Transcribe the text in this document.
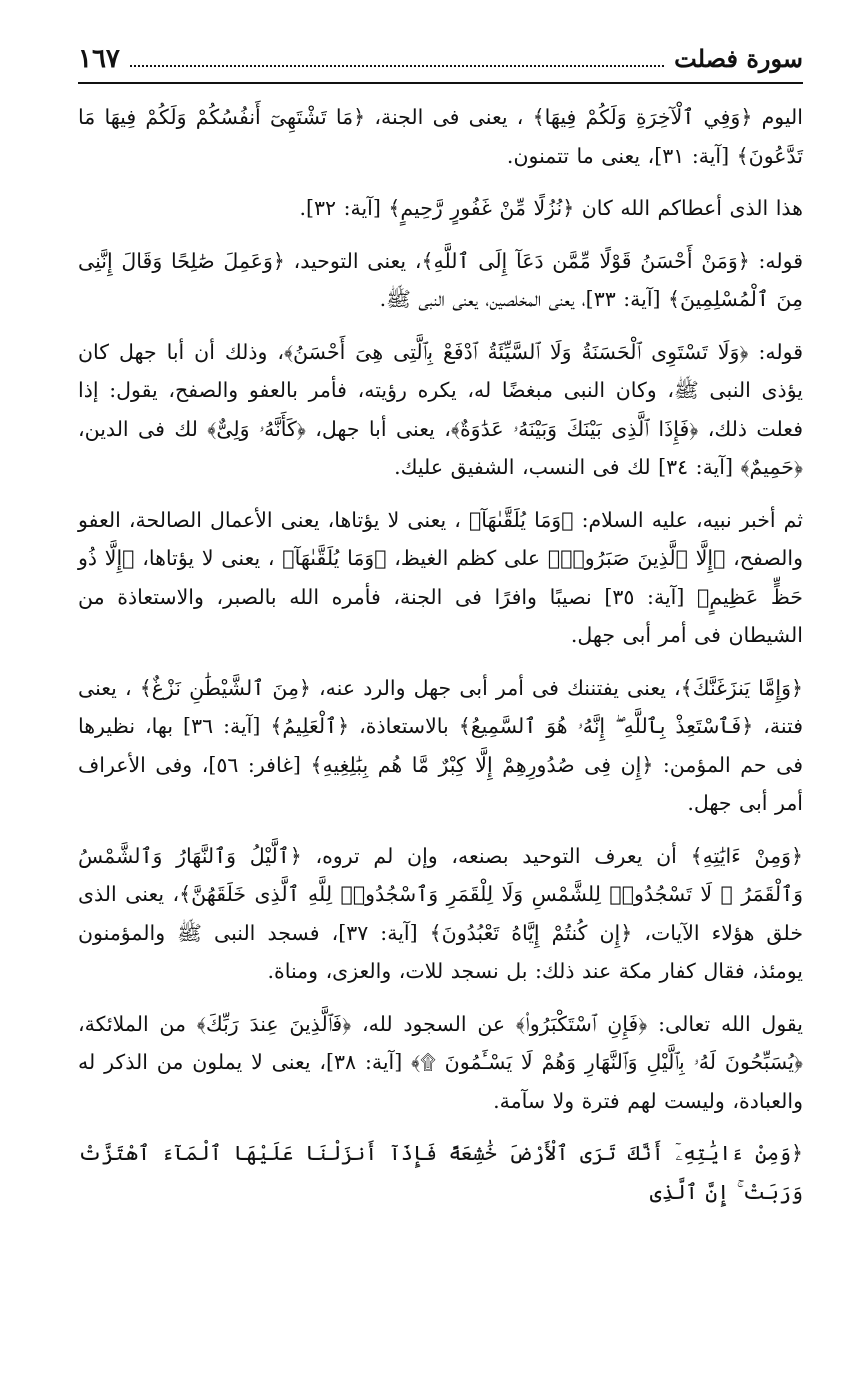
سورة فصلت
١٦٧

اليوم ﴿وَفِي ٱلْآخِرَةِ وَلَكُمْ فِيهَا﴾ ، يعنى فى الجنة، ﴿مَا تَشْتَهِىٓ أَنفُسُكُمْ وَلَكُمْ فِيهَا مَا تَدَّعُونَ﴾ [آية: ٣١]، يعنى ما تتمنون.

هذا الذى أعطاكم الله كان ﴿نُزُلًا مِّنْ غَفُورٍ رَّحِيمٍ﴾ [آية: ٣٢].

قوله: ﴿وَمَنْ أَحْسَنُ قَوْلًا مِّمَّن دَعَآ إِلَى ٱللَّهِ﴾، يعنى التوحيد، ﴿وَعَمِلَ صَٰلِحًا وَقَالَ إِنَّنِى مِنَ ٱلْمُسْلِمِينَ﴾ [آية: ٣٣]، يعنى المخلصين، يعنى النبى ﷺ.

قوله: ﴿وَلَا تَسْتَوِى ٱلْحَسَنَةُ وَلَا ٱلسَّيِّئَةُ ٱدْفَعْ بِٱلَّتِى هِىَ أَحْسَنُ﴾، وذلك أن أبا جهل كان يؤذى النبى ﷺ، وكان النبى مبغضًا له، يكره رؤيته، فأمر بالعفو والصفح، يقول: إذا فعلت ذلك، ﴿فَإِذَا ٱلَّذِى بَيْنَكَ وَبَيْنَهُۥ عَدَٰوَةٌ﴾، يعنى أبا جهل، ﴿كَأَنَّهُۥ وَلِىٌّ﴾ لك فى الدين، ﴿حَمِيمٌ﴾ [آية: ٣٤] لك فى النسب، الشفيق عليك.

ثم أخبر نبيه، عليه السلام: ﴿وَمَا يُلَقَّىٰهَآ﴾ ، يعنى لا يؤتاها، يعنى الأعمال الصالحة، العفو والصفح، ﴿إِلَّا ٱلَّذِينَ صَبَرُوا۟﴾ على كظم الغيظ، ﴿وَمَا يُلَقَّىٰهَآ﴾ ، يعنى لا يؤتاها، ﴿إِلَّا ذُو حَظٍّ عَظِيمٍ﴾ [آية: ٣٥] نصيبًا وافرًا فى الجنة، فأمره الله بالصبر، والاستعاذة من الشيطان فى أمر أبى جهل.

﴿وَإِمَّا يَنزَغَنَّكَ﴾، يعنى يفتننك فى أمر أبى جهل والرد عنه، ﴿مِنَ ٱلشَّيْطَٰنِ نَزْغٌ﴾ ، يعنى فتنة، ﴿فَٱسْتَعِذْ بِٱللَّهِ ۖ إِنَّهُۥ هُوَ ٱلسَّمِيعُ﴾ بالاستعاذة، ﴿ٱلْعَلِيمُ﴾ [آية: ٣٦] بها، نظيرها فى حم المؤمن: ﴿إِن فِى صُدُورِهِمْ إِلَّا كِبْرٌ مَّا هُم بِبَٰلِغِيهِ﴾ [غافر: ٥٦]، وفى الأعراف أمر أبى جهل.

﴿وَمِنْ ءَايَٰتِهِ﴾ أن يعرف التوحيد بصنعه، وإن لم تروه، ﴿ٱلَّيْلُ وَٱلنَّهَارُ وَٱلشَّمْسُ وَٱلْقَمَرُ ۚ لَا تَسْجُدُوا۟ لِلشَّمْسِ وَلَا لِلْقَمَرِ وَٱسْجُدُوا۟ لِلَّهِ ٱلَّذِى خَلَقَهُنَّ﴾، يعنى الذى خلق هؤلاء الآيات، ﴿إِن كُنتُمْ إِيَّاهُ تَعْبُدُونَ﴾ [آية: ٣٧]، فسجد النبى ﷺ والمؤمنون يومئذ، فقال كفار مكة عند ذلك: بل نسجد للات، والعزى، ومناة.

يقول الله تعالى: ﴿فَإِنِ ٱسْتَكْبَرُوا۟﴾ عن السجود لله، ﴿فَٱلَّذِينَ عِندَ رَبِّكَ﴾ من الملائكة، ﴿يُسَبِّحُونَ لَهُۥ بِٱلَّيْلِ وَٱلنَّهَارِ وَهُمْ لَا يَسْـَٔمُونَ ۩﴾ [آية: ٣٨]، يعنى لا يملون من الذكر له والعبادة، وليست لهم فترة ولا سآمة.

﴿وَمِنْ ءَايَٰتِهِۦٓ أَنَّكَ تَرَى ٱلْأَرْضَ خَٰشِعَةً فَإِذَآ أَنزَلْنَا عَلَيْهَا ٱلْمَآءَ ٱهْتَزَّتْ وَرَبَتْ ۚ إِنَّ ٱلَّذِى
